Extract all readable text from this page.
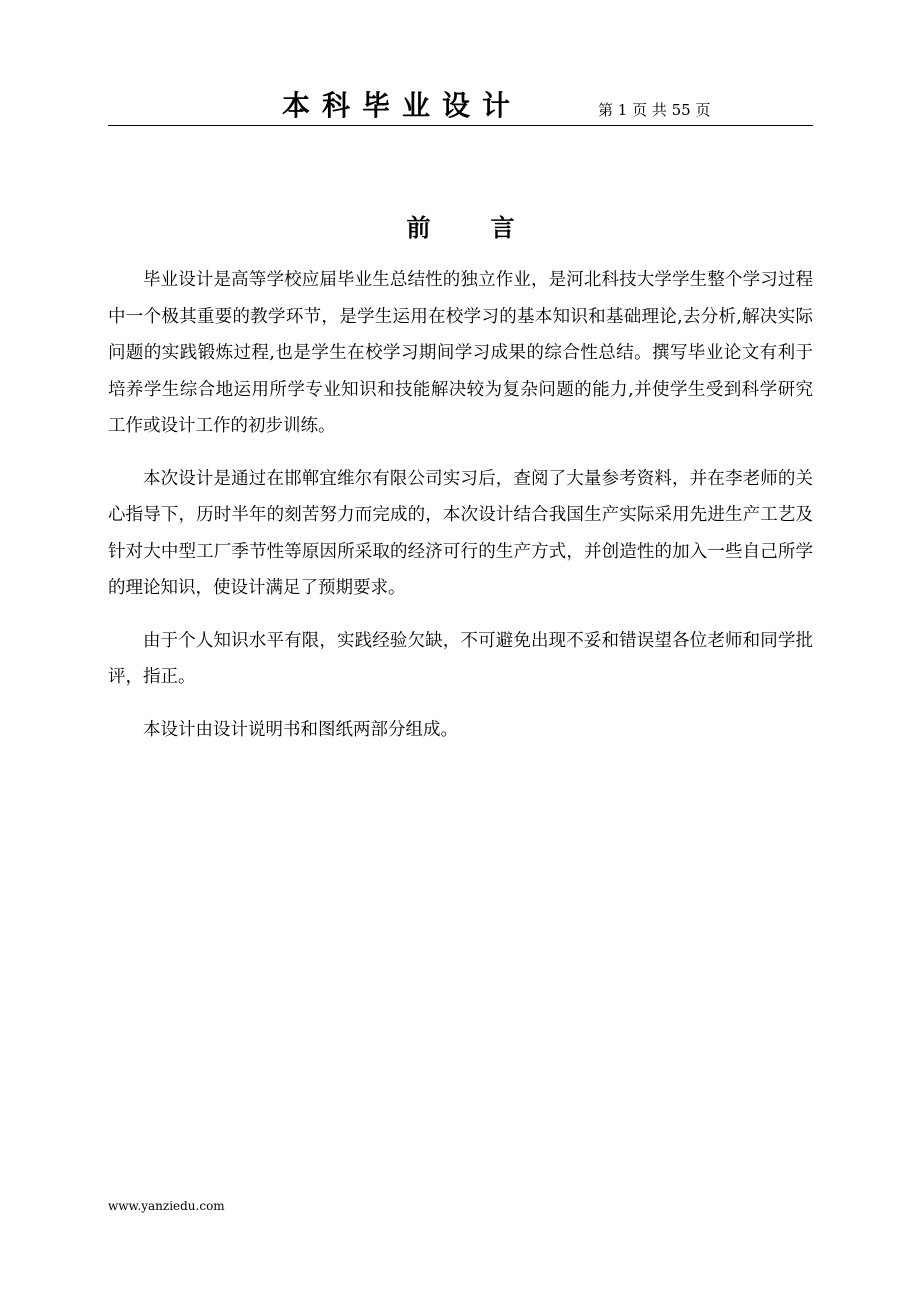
本科毕业设计	第 1 页 共 55 页
前言

毕业设计是高等学校应届毕业生总结性的独立作业，是河北科技大学学生整个学习过程中一个极其重要的教学环节，是学生运用在校学习的基本知识和基础理论,去分析,解决实际问题的实践锻炼过程,也是学生在校学习期间学习成果的综合性总结。撰写毕业论文有利于培养学生综合地运用所学专业知识和技能解决较为复杂问题的能力,并使学生受到科学研究工作或设计工作的初步训练。

本次设计是通过在邯郸宜维尔有限公司实习后，查阅了大量参考资料，并在李老师的关心指导下，历时半年的刻苦努力而完成的，本次设计结合我国生产实际采用先进生产工艺及针对大中型工厂季节性等原因所采取的经济可行的生产方式，并创造性的加入一些自己所学的理论知识，使设计满足了预期要求。

由于个人知识水平有限，实践经验欠缺，不可避免出现不妥和错误望各位老师和同学批评，指正。

本设计由设计说明书和图纸两部分组成。

www.yanziedu.com
